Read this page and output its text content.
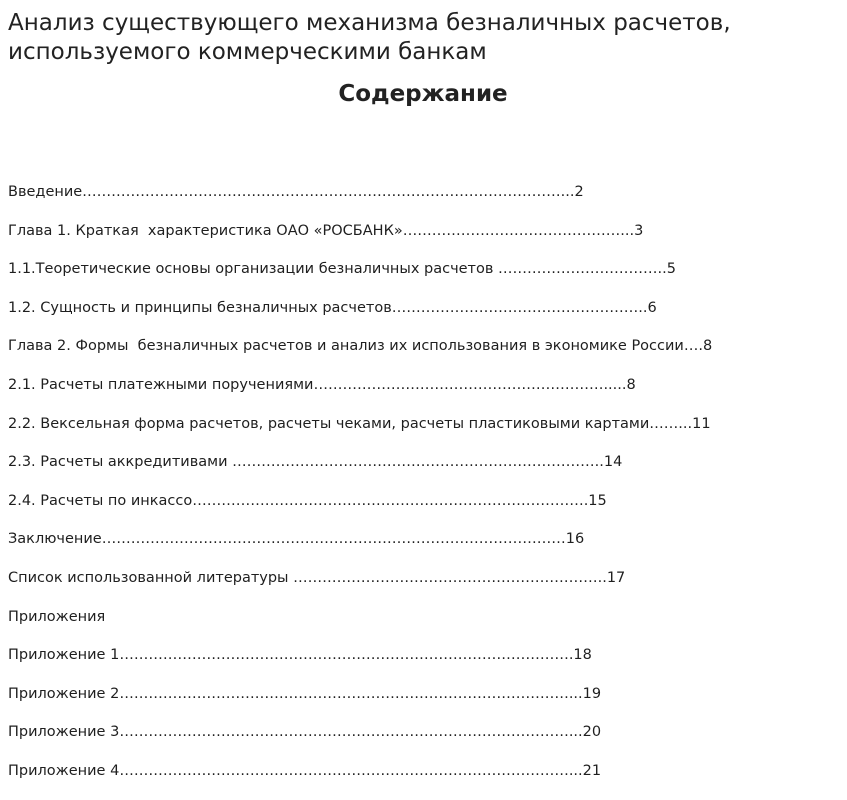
Анализ существующего механизма безналичных расчетов, используемого коммерческими банкам
Содержание
Введение………………………………………………………………………………………...2
Глава 1. Краткая  характеристика ОАО «РОСБАНК»………………………………………...3
1.1.Теоретические основы организации безналичных расчетов ……………………………..5
1.2. Сущность и принципы безналичных расчетов……………………………………………..6
Глава 2. Формы  безналичных расчетов и анализ их использования в экономике России….8
2.1. Расчеты платежными поручениями…………………………………………………….....8
2.2. Вексельная форма расчетов, расчеты чеками, расчеты пластиковыми картами……...11
2.3. Расчеты аккредитивами …………………………………………………………………..14
2.4. Расчеты по инкассо……………………………………………………………………….15
Заключение……………………………………………………………………………………16
Список использованной литературы ………………………………………………………..17
Приложения
Приложение 1………………………………………………………………………………….18
Приложение 2…………………………………………………………………………………...19
Приложение 3…………………………………………………………………………………...20
Приложение 4…………………………………………………………………………………...21
